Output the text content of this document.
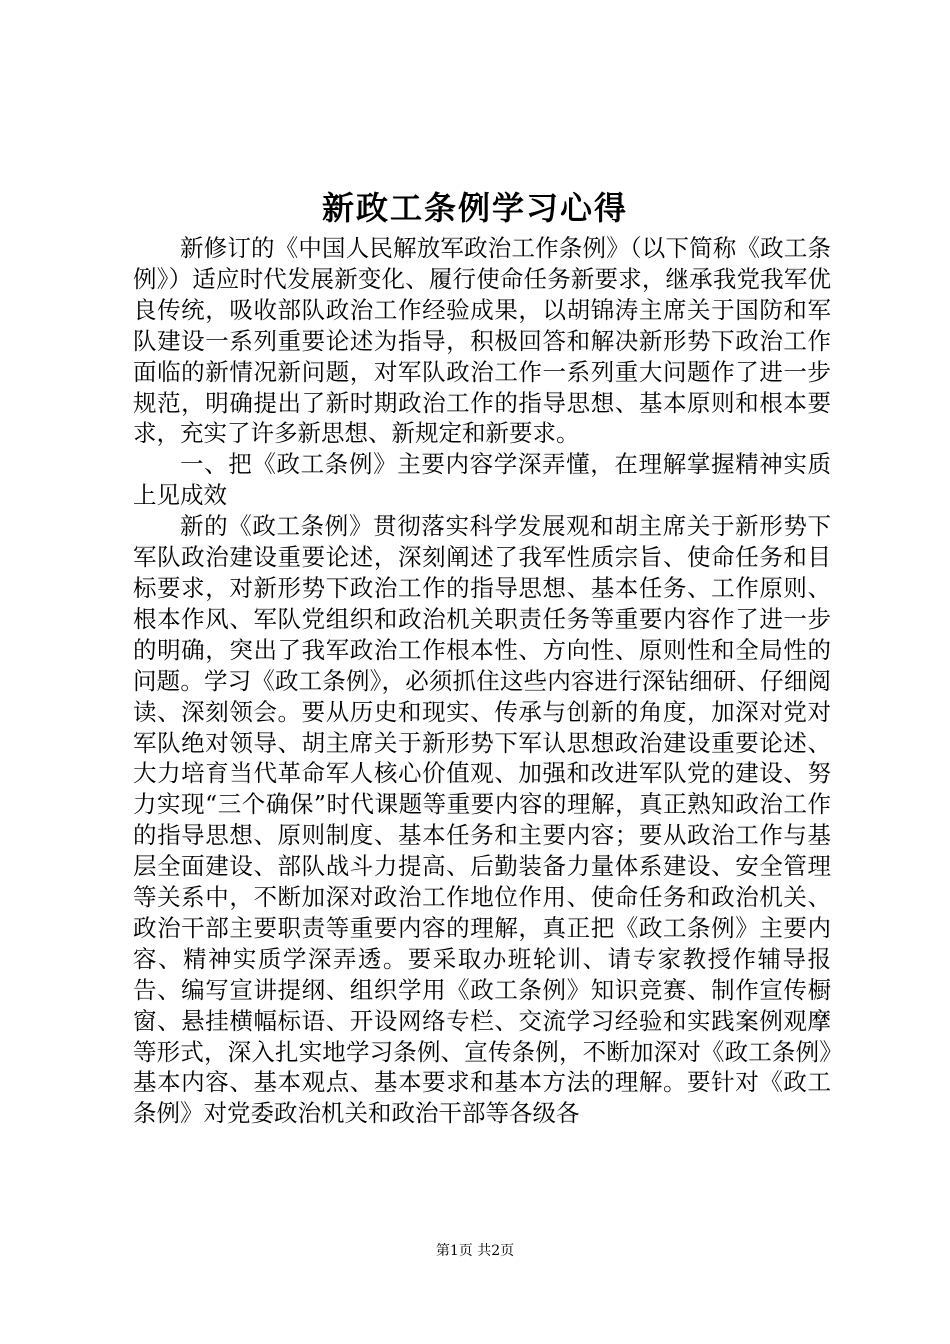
新政工条例学习心得

新修订的《中国人民解放军政治工作条例》（以下简称《政工条例》）适应时代发展新变化、履行使命任务新要求，继承我党我军优良传统，吸收部队政治工作经验成果，以胡锦涛主席关于国防和军队建设一系列重要论述为指导，积极回答和解决新形势下政治工作面临的新情况新问题，对军队政治工作一系列重大问题作了进一步规范，明确提出了新时期政治工作的指导思想、基本原则和根本要求，充实了许多新思想、新规定和新要求。

一、把《政工条例》主要内容学深弄懂，在理解掌握精神实质上见成效

新的《政工条例》贯彻落实科学发展观和胡主席关于新形势下军队政治建设重要论述，深刻阐述了我军性质宗旨、使命任务和目标要求，对新形势下政治工作的指导思想、基本任务、工作原则、根本作风、军队党组织和政治机关职责任务等重要内容作了进一步的明确，突出了我军政治工作根本性、方向性、原则性和全局性的问题。学习《政工条例》，必须抓住这些内容进行深钻细研、仔细阅读、深刻领会。要从历史和现实、传承与创新的角度，加深对党对军队绝对领导、胡主席关于新形势下军认思想政治建设重要论述、大力培育当代革命军人核心价值观、加强和改进军队党的建设、努力实现“三个确保”时代课题等重要内容的理解，真正熟知政治工作的指导思想、原则制度、基本任务和主要内容；要从政治工作与基层全面建设、部队战斗力提高、后勤装备力量体系建设、安全管理等关系中，不断加深对政治工作地位作用、使命任务和政治机关、政治干部主要职责等重要内容的理解，真正把《政工条例》主要内容、精神实质学深弄透。要采取办班轮训、请专家教授作辅导报告、编写宣讲提纲、组织学用《政工条例》知识竞赛、制作宣传橱窗、悬挂横幅标语、开设网络专栏、交流学习经验和实践案例观摩等形式，深入扎实地学习条例、宣传条例，不断加深对《政工条例》基本内容、基本观点、基本要求和基本方法的理解。要针对《政工条例》对党委政治机关和政治干部等各级各

第1页 共2页
